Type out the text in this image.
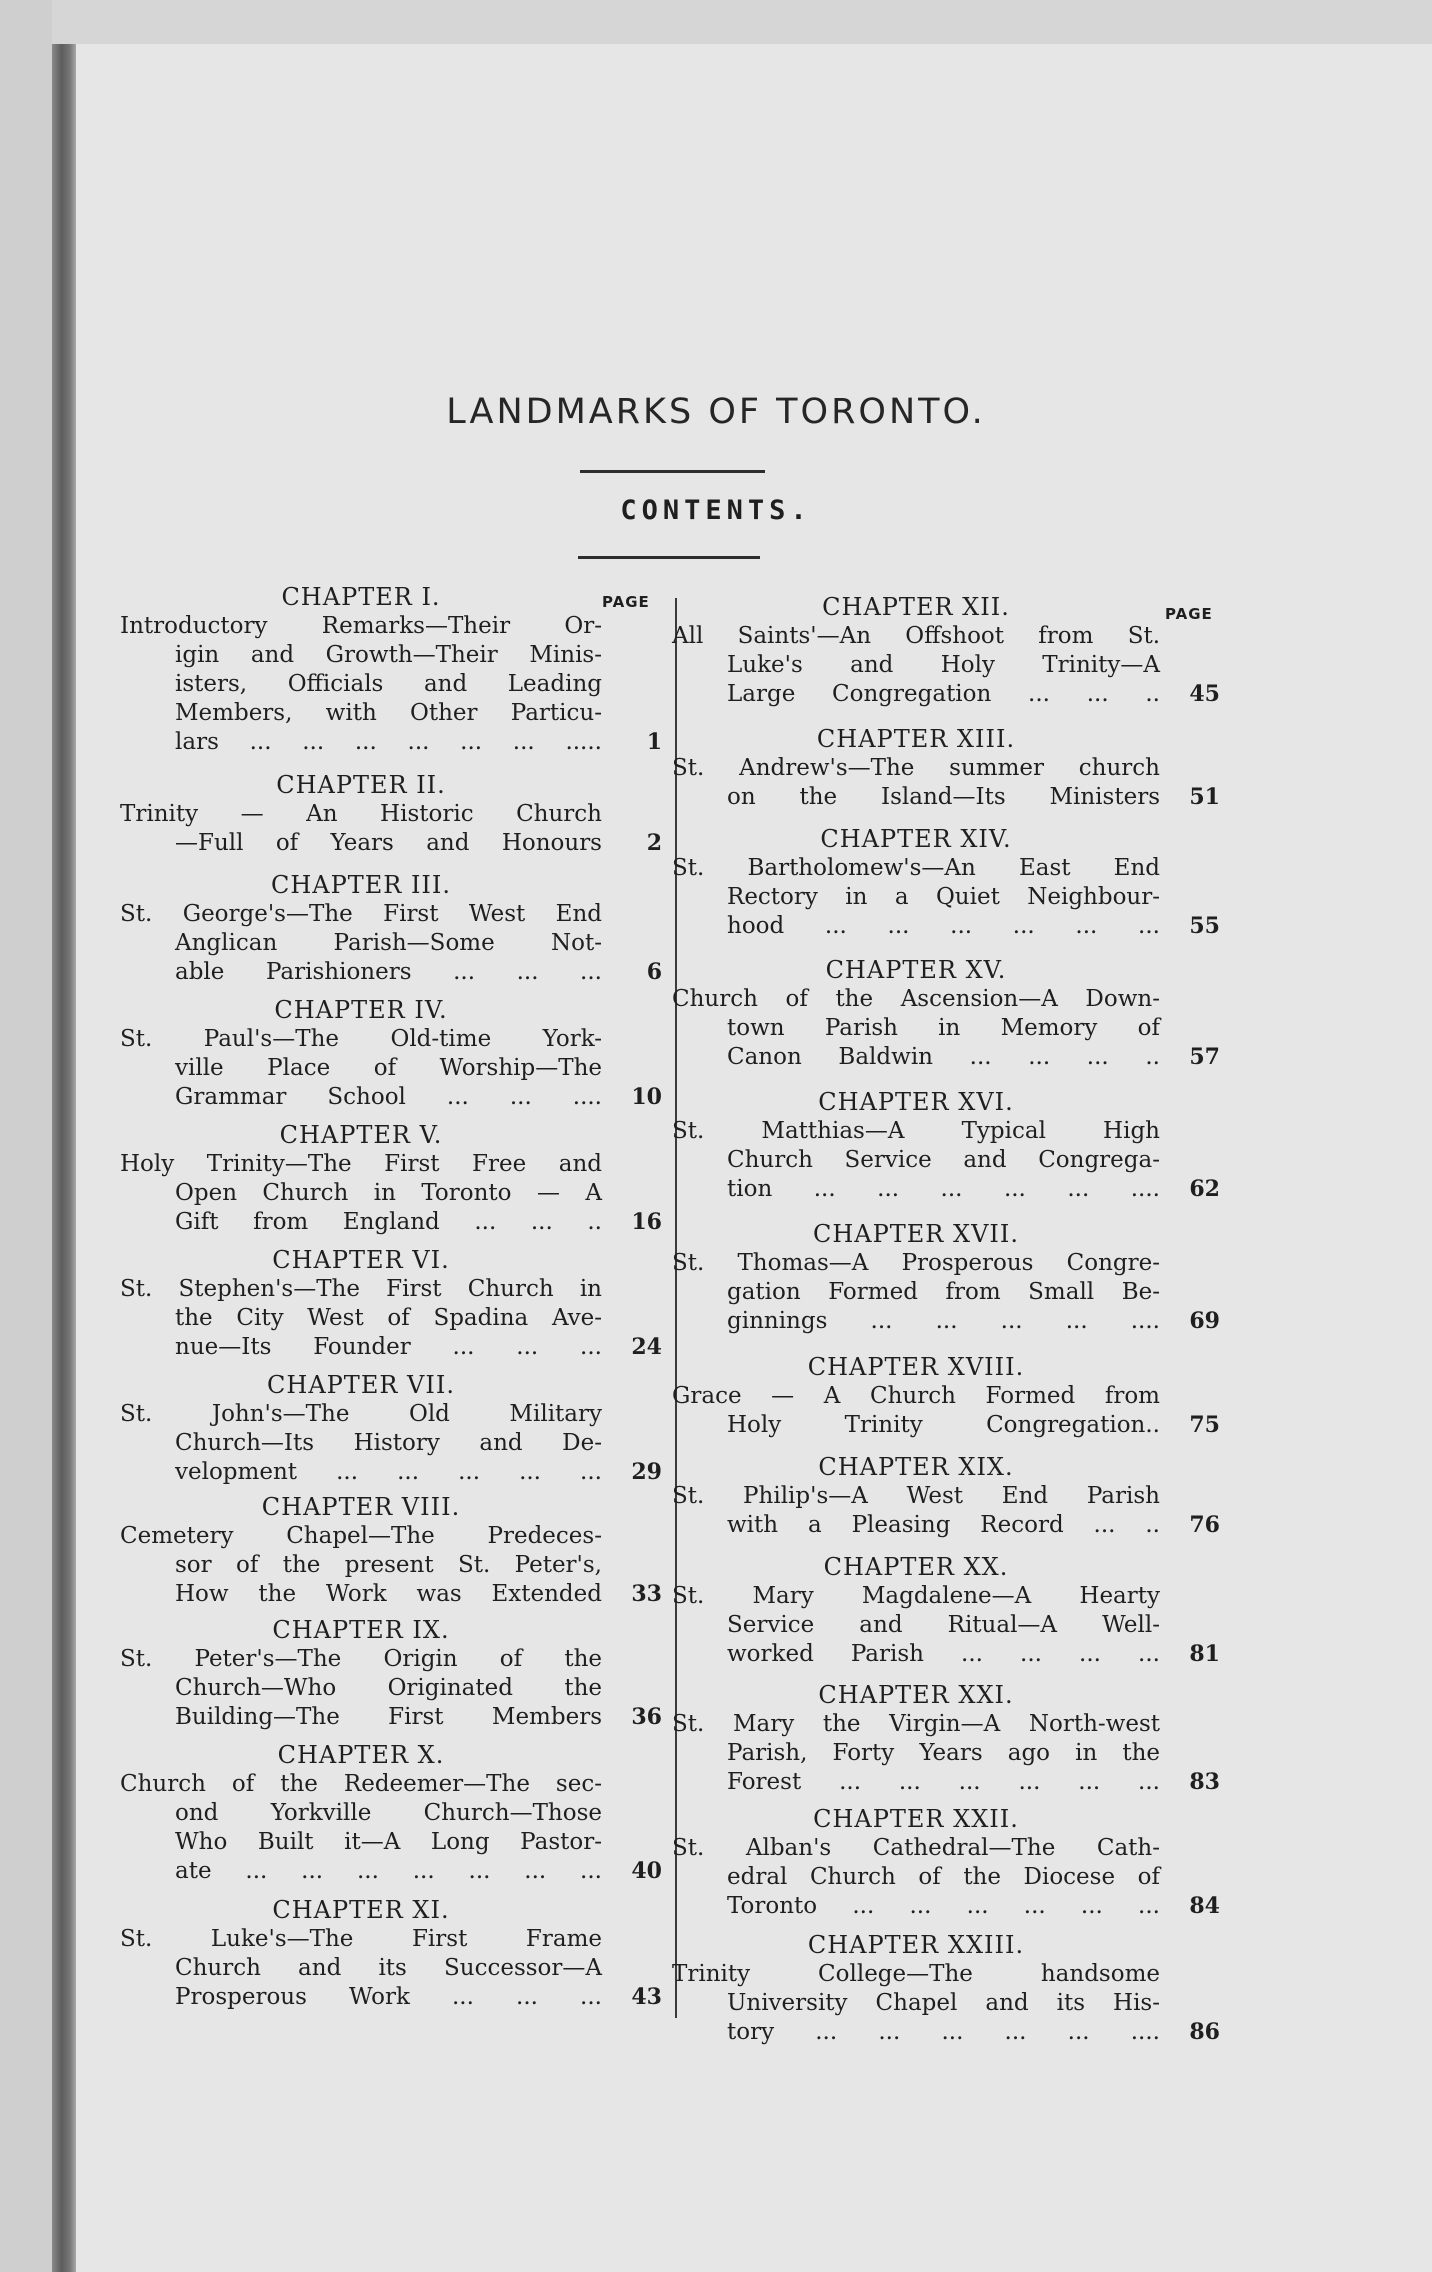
LANDMARKS OF TORONTO.
CONTENTS.
PAGE
PAGE
CHAPTER I.
Introductory Remarks—Their Or-
igin and Growth—Their Minis-
isters, Officials and Leading
Members, with Other Particu-
lars ... ... ... ... ... ... .....	1
CHAPTER II.
Trinity — An Historic Church
—Full of Years and Honours	2
CHAPTER III.
St. George's—The First West End
Anglican Parish—Some Not-
able Parishioners ... ... ...	6
CHAPTER IV.
St. Paul's—The Old-time York-
ville Place of Worship—The
Grammar School ... ... ....	10
CHAPTER V.
Holy Trinity—The First Free and
Open Church in Toronto — A
Gift from England ... ... ..	16
CHAPTER VI.
St. Stephen's—The First Church in
the City West of Spadina Ave-
nue—Its Founder ... ... ...	24
CHAPTER VII.
St. John's—The Old Military
Church—Its History and De-
velopment ... ... ... ... ...	29
CHAPTER VIII.
Cemetery Chapel—The Predeces-
sor of the present St. Peter's,
How the Work was Extended	33
CHAPTER IX.
St. Peter's—The Origin of the
Church—Who Originated the
Building—The First Members	36
CHAPTER X.
Church of the Redeemer—The sec-
ond Yorkville Church—Those
Who Built it—A Long Pastor-
ate ... ... ... ... ... ... ...	40
CHAPTER XI.
St. Luke's—The First Frame
Church and its Successor—A
Prosperous Work ... ... ...	43
CHAPTER XII.
All Saints'—An Offshoot from St.
Luke's and Holy Trinity—A
Large Congregation ... ... ..	45
CHAPTER XIII.
St. Andrew's—The summer church
on the Island—Its Ministers	51
CHAPTER XIV.
St. Bartholomew's—An East End
Rectory in a Quiet Neighbour-
hood ... ... ... ... ... ...	55
CHAPTER XV.
Church of the Ascension—A Down-
town Parish in Memory of
Canon Baldwin ... ... ... ..	57
CHAPTER XVI.
St. Matthias—A Typical High
Church Service and Congrega-
tion ... ... ... ... ... ....	62
CHAPTER XVII.
St. Thomas—A Prosperous Congre-
gation Formed from Small Be-
ginnings ... ... ... ... ....	69
CHAPTER XVIII.
Grace — A Church Formed from
Holy Trinity Congregation..	75
CHAPTER XIX.
St. Philip's—A West End Parish
with a Pleasing Record ... ..	76
CHAPTER XX.
St. Mary Magdalene—A Hearty
Service and Ritual—A Well-
worked Parish ... ... ... ...	81
CHAPTER XXI.
St. Mary the Virgin—A North-west
Parish, Forty Years ago in the
Forest ... ... ... ... ... ...	83
CHAPTER XXII.
St. Alban's Cathedral—The Cath-
edral Church of the Diocese of
Toronto ... ... ... ... ... ...	84
CHAPTER XXIII.
Trinity College—The handsome
University Chapel and its His-
tory ... ... ... ... ... ....	86
